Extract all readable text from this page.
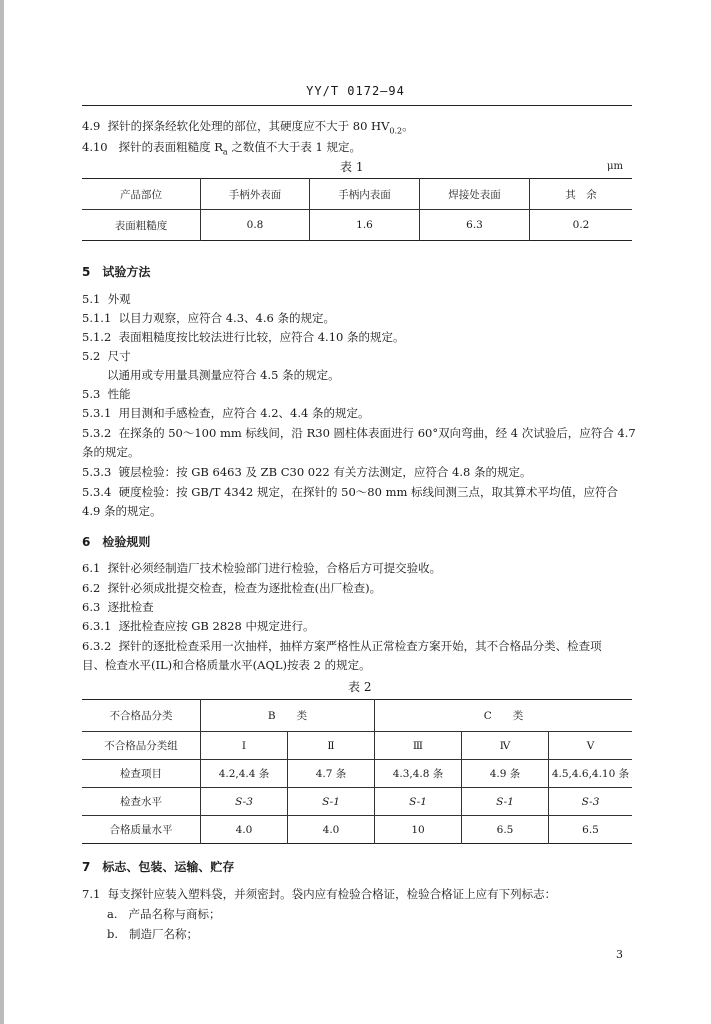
YY/T 0172—94
4.9 探针的探条经软化处理的部位，其硬度应不大于 80 $HV_{0.2}$。
4.10 探针的表面粗糙度 $R_a$ 之数值不大于表 1 规定。
表 1	μm
产品部位	手柄外表面	手柄内表面	焊接处表面	其　余
表面粗糙度	0.8	1.6	6.3	0.2
5　试验方法
5.1 外观
5.1.1 以目力观察，应符合 4.3、4.6 条的规定。
5.1.2 表面粗糙度按比较法进行比较，应符合 4.10 条的规定。
5.2 尺寸
以通用或专用量具测量应符合 4.5 条的规定。
5.3 性能
5.3.1 用目测和手感检查，应符合 4.2、4.4 条的规定。
5.3.2 在探条的 50～100 mm 标线间，沿 R30 圆柱体表面进行 60°双向弯曲，经 4 次试验后，应符合 4.7
条的规定。
5.3.3 镀层检验：按 GB 6463 及 ZB C30 022 有关方法测定，应符合 4.8 条的规定。
5.3.4 硬度检验：按 GB/T 4342 规定，在探针的 50～80 mm 标线间测三点，取其算术平均值，应符合
4.9 条的规定。
6　检验规则
6.1 探针必须经制造厂技术检验部门进行检验，合格后方可提交验收。
6.2 探针必须成批提交检查，检查为逐批检查(出厂检查)。
6.3 逐批检查
6.3.1 逐批检查应按 GB 2828 中规定进行。
6.3.2 探针的逐批检查采用一次抽样，抽样方案严格性从正常检查方案开始，其不合格品分类、检查项
目、检查水平(IL)和合格质量水平(AQL)按表 2 的规定。
表 2
不合格品分类	B　　类		C　　类		
不合格品分类组	Ⅰ	Ⅱ	Ⅲ	Ⅳ	Ⅴ
检查项目	4.2,4.4 条	4.7 条	4.3,4.8 条	4.9 条	4.5,4.6,4.10 条
检查水平	S-3	S-1	S-1	S-1	S-3
合格质量水平	4.0	4.0	10	6.5	6.5
7　标志、包装、运输、贮存
7.1 每支探针应装入塑料袋，并须密封。袋内应有检验合格证，检验合格证上应有下列标志：
a. 产品名称与商标；
b. 制造厂名称；
3
